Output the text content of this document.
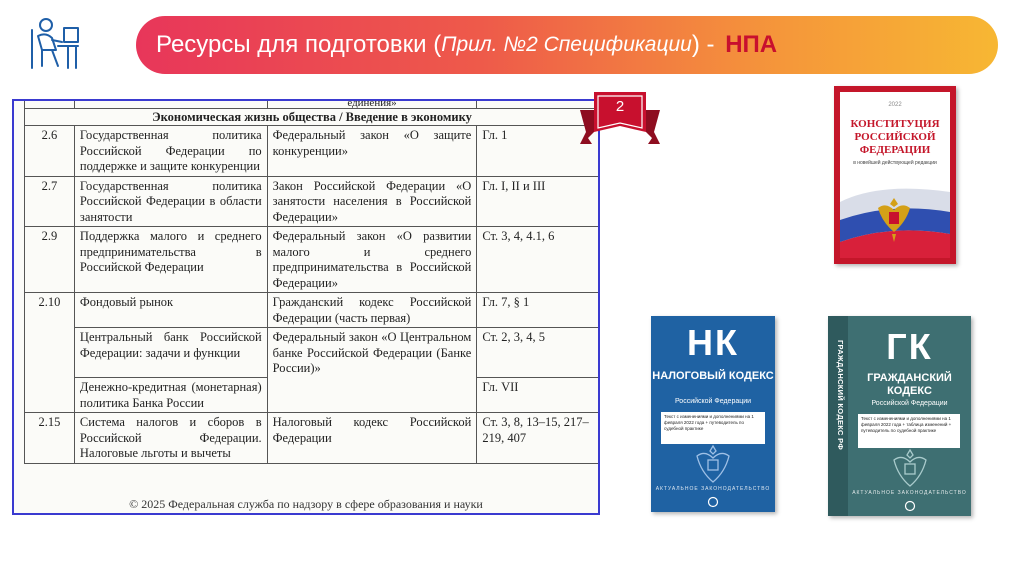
Ресурсы для подготовки ( Прил. №2 Спецификации ) -
НПА
		единения»	
Экономическая жизнь общества / Введение в экономику			
2.6	Государственная политика Российской Федерации по поддержке и защите конкуренции	Федеральный закон «О защите конкуренции»	Гл. 1
2.7	Государственная политика Российской Федерации в области занятости	Закон Российской Федерации «О занятости населения в Российской Федерации»	Гл. I, II и III
2.9	Поддержка малого и среднего предпринимательства в Российской Федерации	Федеральный закон «О развитии малого и среднего предпринимательства в Российской Федерации»	Ст. 3, 4, 4.1, 6
2.10	Фондовый рынок	Гражданский кодекс Российской Федерации (часть первая)	Гл. 7, § 1
	Центральный банк Российской Федерации: задачи и функции	Федеральный закон «О Центральном банке Российской Федерации (Банке России)»	Ст. 2, 3, 4, 5
	Денежно-кредитная (монетарная) политика Банка России		Гл. VII
2.15	Система налогов и сборов в Российской Федерации. Налоговые льготы и вычеты	Налоговый кодекс Российской Федерации	Ст. 3, 8, 13–15, 217–219, 407
© 2025 Федеральная служба по надзору в сфере образования и науки
2	2022
КОНСТИТУЦИЯ РОССИЙСКОЙ ФЕДЕРАЦИИ
в новейшей действующей редакции
НК
НАЛОГОВЫЙ КОДЕКС
Российской Федерации
Текст с изменениями и дополнениями на 1 февраля 2022 года + путеводитель по судебной практике
АКТУАЛЬНОЕ ЗАКОНОДАТЕЛЬСТВО
ГРАЖДАНСКИЙ КОДЕКС РФ	ГК
ГРАЖДАНСКИЙ КОДЕКС
Российской Федерации
Текст с изменениями и дополнениями на 1 февраля 2022 года + таблица изменений + путеводитель по судебной практике
АКТУАЛЬНОЕ ЗАКОНОДАТЕЛЬСТВО
